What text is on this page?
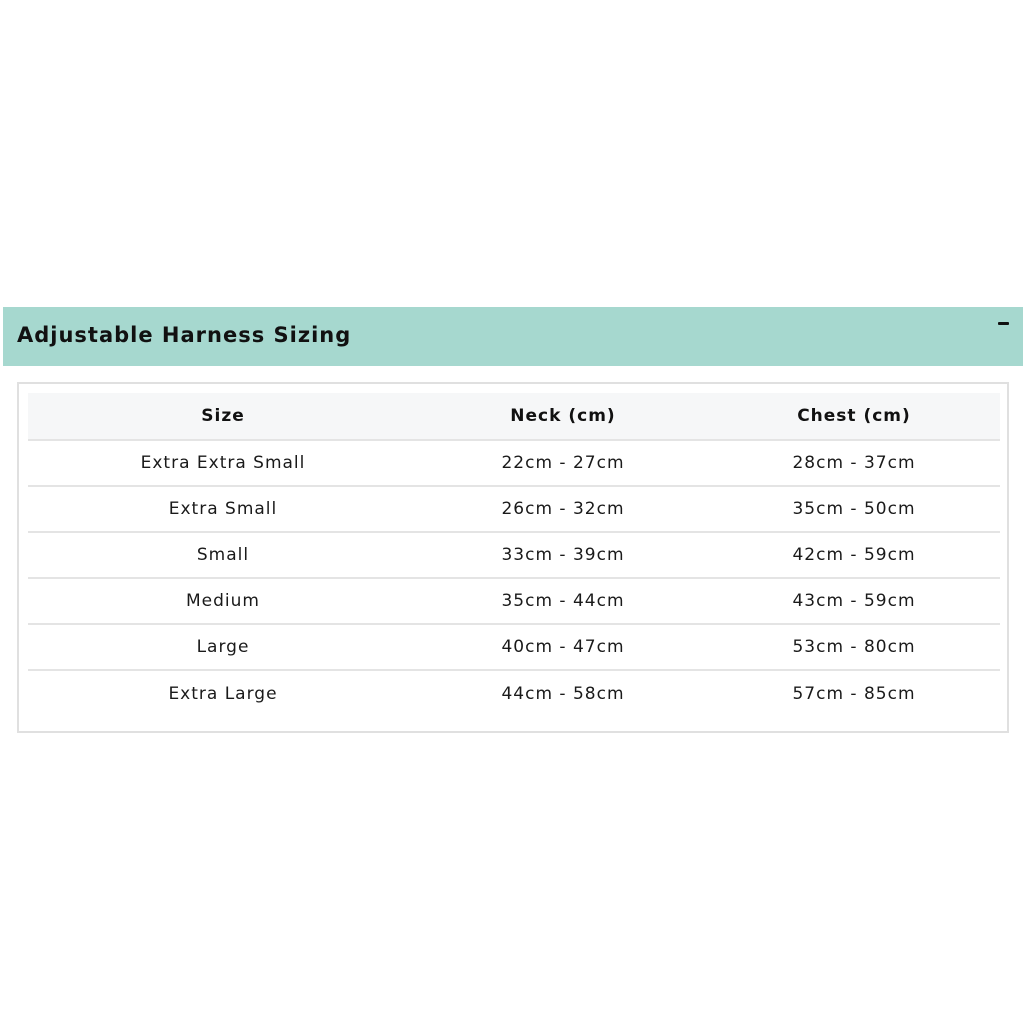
Adjustable Harness Sizing
Size	Neck (cm)	Chest (cm)
Extra Extra Small	22cm - 27cm	28cm - 37cm
Extra Small	26cm - 32cm	35cm - 50cm
Small	33cm - 39cm	42cm - 59cm
Medium	35cm - 44cm	43cm - 59cm
Large	40cm - 47cm	53cm - 80cm
Extra Large	44cm - 58cm	57cm - 85cm
